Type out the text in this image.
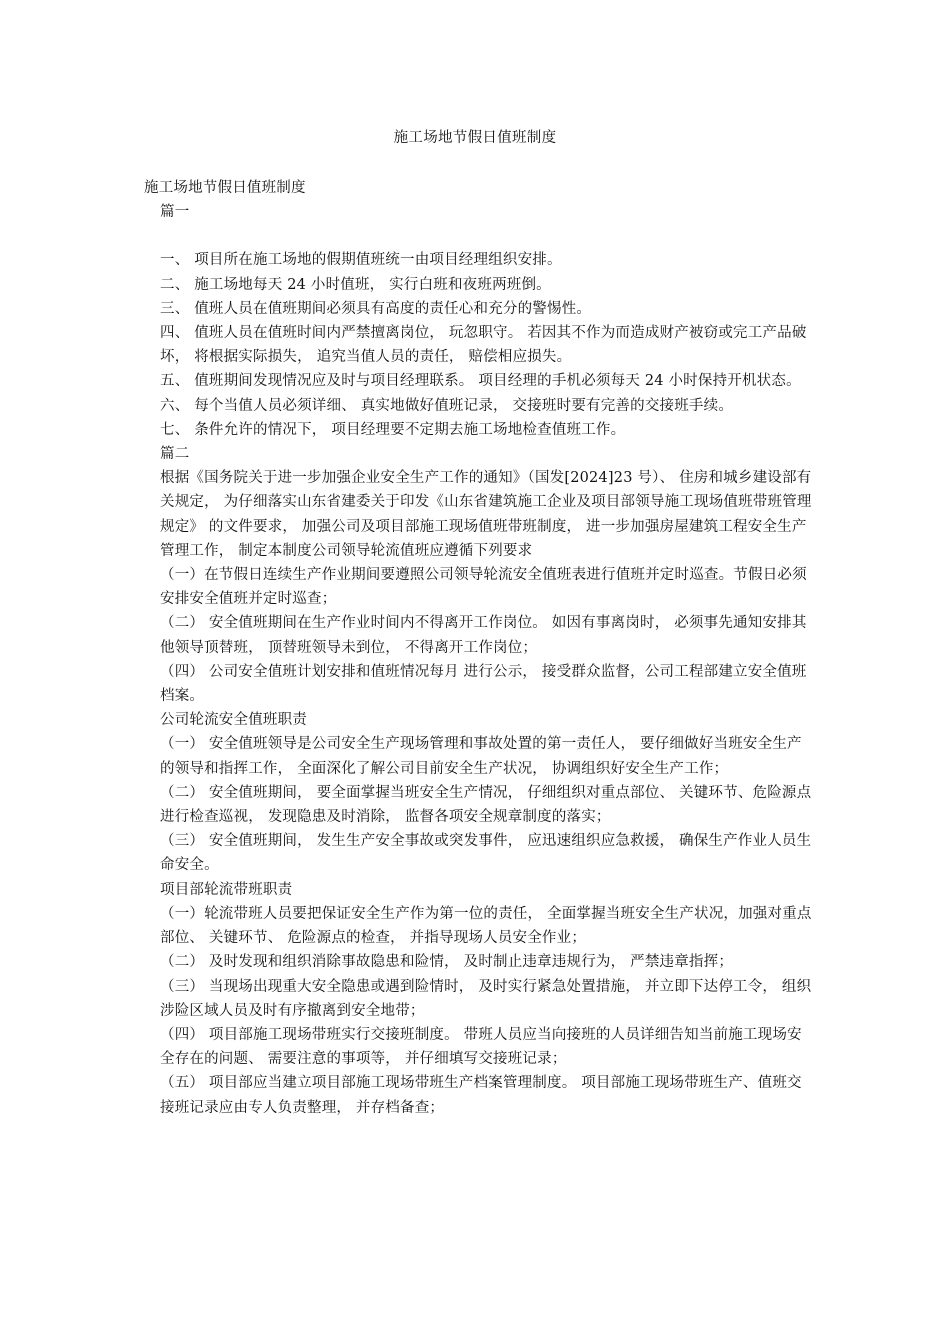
施工场地节假日值班制度

施工场地节假日值班制度

篇一

一、 项目所在施工场地的假期值班统一由项目经理组织安排。

二、 施工场地每天 24 小时值班， 实行白班和夜班两班倒。

三、 值班人员在值班期间必须具有高度的责任心和充分的警惕性。

四、 值班人员在值班时间内严禁擅离岗位， 玩忽职守。 若因其不作为而造成财产被窃或完工产品破坏， 将根据实际损失， 追究当值人员的责任， 赔偿相应损失。

五、 值班期间发现情况应及时与项目经理联系。 项目经理的手机必须每天 24 小时保持开机状态。

六、 每个当值人员必须详细、 真实地做好值班记录， 交接班时要有完善的交接班手续。

七、 条件允许的情况下， 项目经理要不定期去施工场地检查值班工作。

篇二

根据《国务院关于进一步加强企业安全生产工作的通知》（国发[2024]23 号）、 住房和城乡建设部有关规定， 为仔细落实山东省建委关于印发《山东省建筑施工企业及项目部领导施工现场值班带班管理规定》 的文件要求， 加强公司及项目部施工现场值班带班制度， 进一步加强房屋建筑工程安全生产管理工作， 制定本制度公司领导轮流值班应遵循下列要求

（一）在节假日连续生产作业期间要遵照公司领导轮流安全值班表进行值班并定时巡查。节假日必须安排安全值班并定时巡查；

（二） 安全值班期间在生产作业时间内不得离开工作岗位。 如因有事离岗时， 必须事先通知安排其他领导顶替班， 顶替班领导未到位， 不得离开工作岗位；

（四） 公司安全值班计划安排和值班情况每月 进行公示， 接受群众监督，公司工程部建立安全值班档案。

公司轮流安全值班职责

（一） 安全值班领导是公司安全生产现场管理和事故处置的第一责任人， 要仔细做好当班安全生产的领导和指挥工作， 全面深化了解公司目前安全生产状况， 协调组织好安全生产工作；

（二） 安全值班期间， 要全面掌握当班安全生产情况， 仔细组织对重点部位、 关键环节、危险源点进行检查巡视， 发现隐患及时消除， 监督各项安全规章制度的落实；

（三） 安全值班期间， 发生生产安全事故或突发事件， 应迅速组织应急救援， 确保生产作业人员生命安全。

项目部轮流带班职责

（一）轮流带班人员要把保证安全生产作为第一位的责任， 全面掌握当班安全生产状况，加强对重点部位、 关键环节、 危险源点的检查， 并指导现场人员安全作业；

（二） 及时发现和组织消除事故隐患和险情， 及时制止违章违规行为， 严禁违章指挥；

（三） 当现场出现重大安全隐患或遇到险情时， 及时实行紧急处置措施， 并立即下达停工令， 组织涉险区域人员及时有序撤离到安全地带；

（四） 项目部施工现场带班实行交接班制度。 带班人员应当向接班的人员详细告知当前施工现场安全存在的问题、 需要注意的事项等， 并仔细填写交接班记录；

（五） 项目部应当建立项目部施工现场带班生产档案管理制度。 项目部施工现场带班生产、值班交接班记录应由专人负责整理， 并存档备查；
